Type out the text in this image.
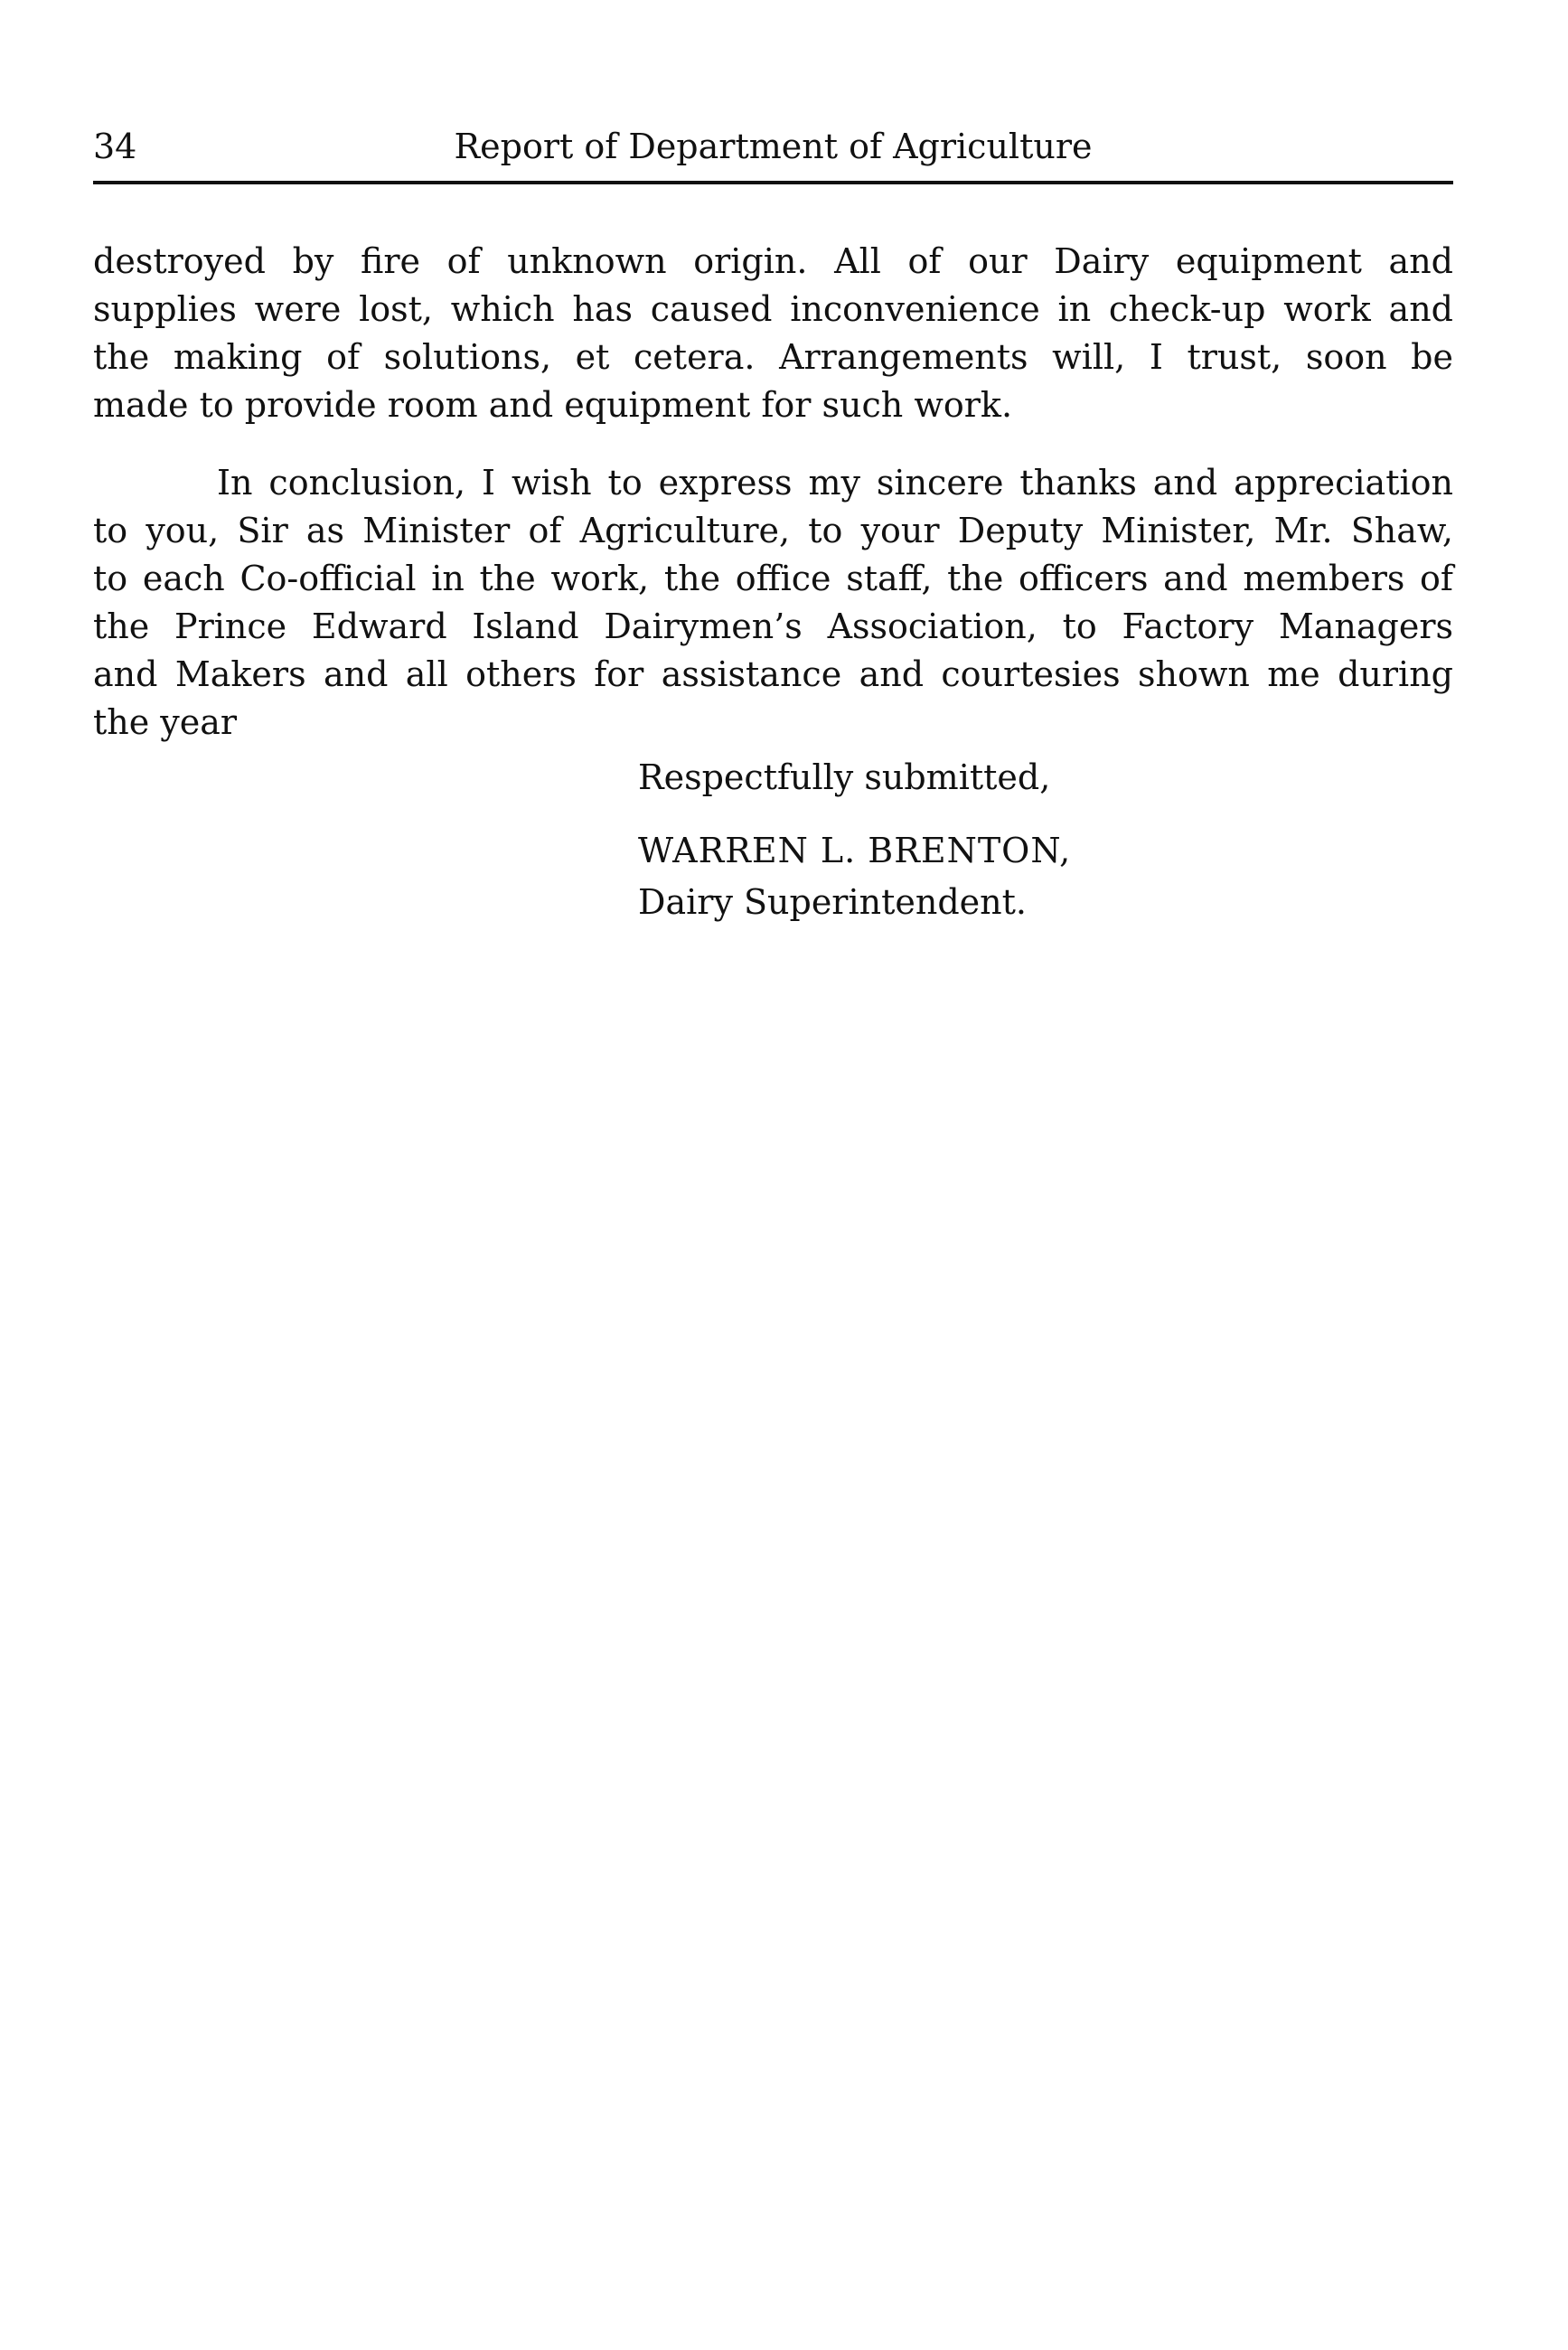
34	Report of Department of Agriculture
destroyed by fire of unknown origin. All of our Dairy equipment and
supplies were lost, which has caused inconvenience in check-up work and
the making of solutions, et cetera. Arrangements will, I trust, soon be
made to provide room and equipment for such work.
In conclusion, I wish to express my sincere thanks and appreciation
to you, Sir as Minister of Agriculture, to your Deputy Minister, Mr. Shaw,
to each Co-official in the work, the office staff, the officers and members of
the Prince Edward Island Dairymen’s Association, to Factory Managers
and Makers and all others for assistance and courtesies shown me during
the year
Respectfully submitted,
WARREN L. BRENTON,
Dairy Superintendent.
